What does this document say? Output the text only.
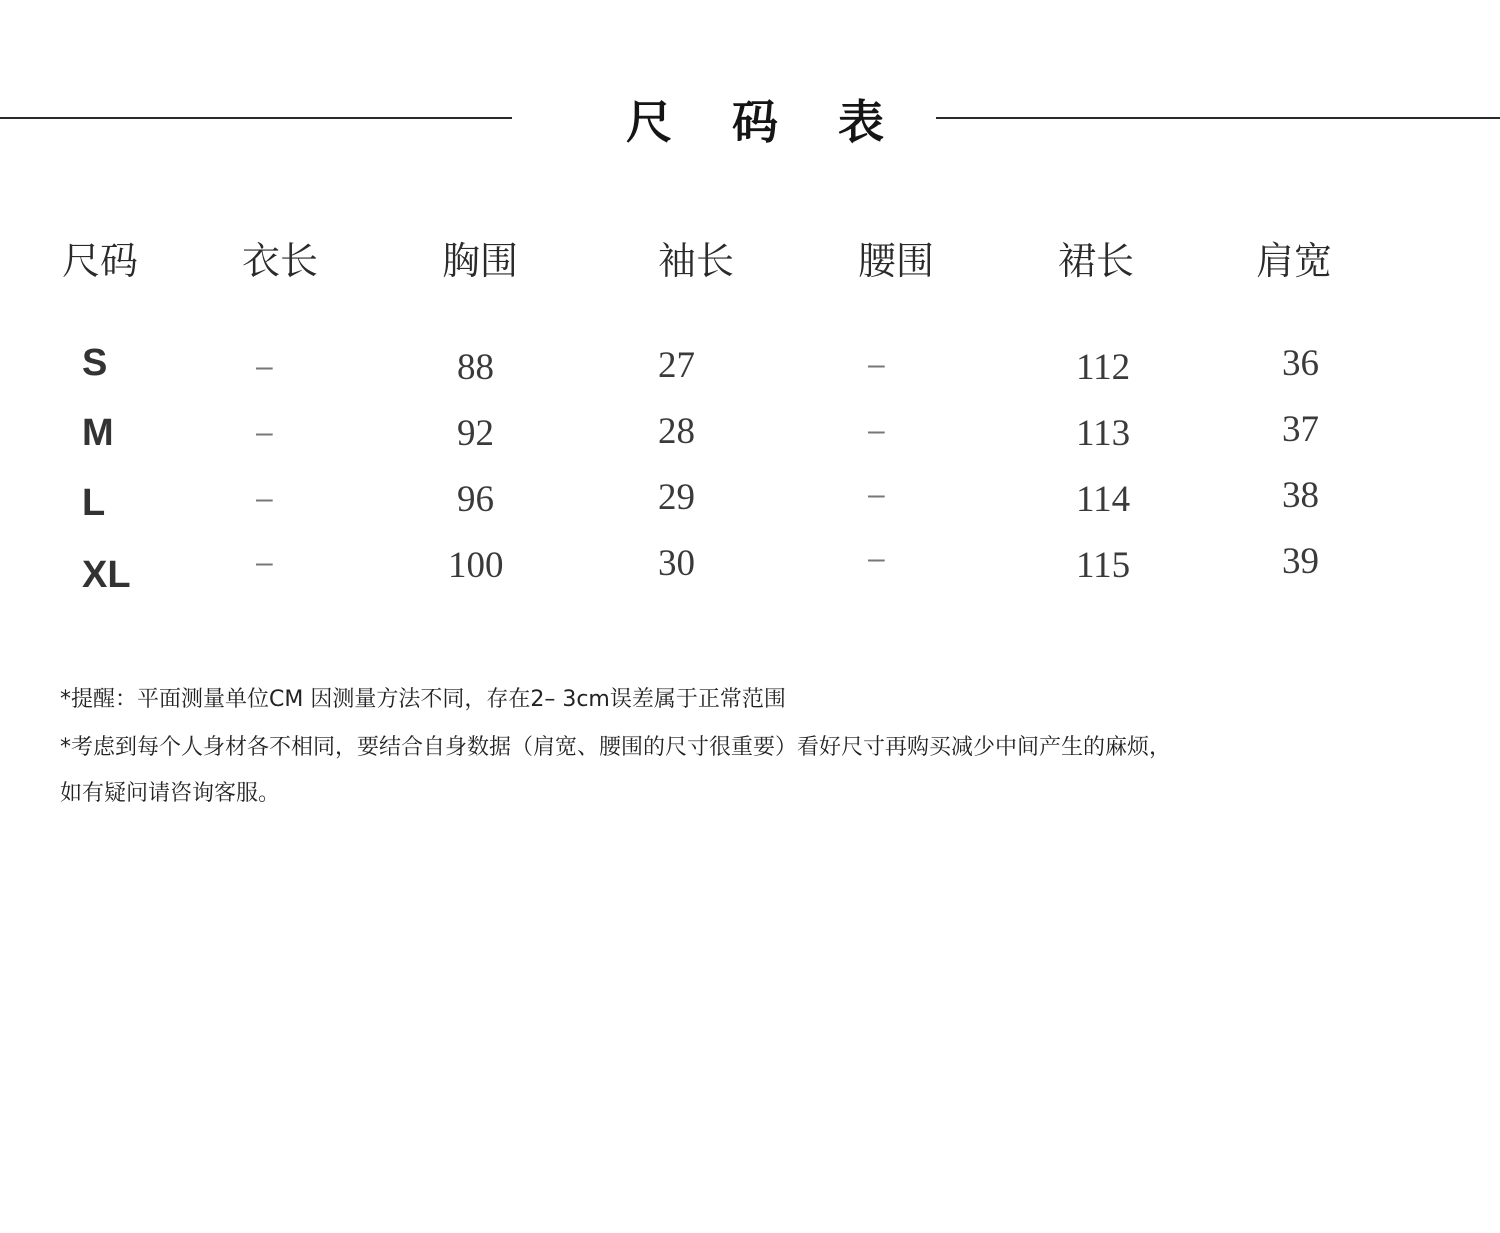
尺 码 表
尺码	衣长	胸围	袖长	腰围	裙长	肩宽
S	–	88	27	–	112	36
M	–	92	28	–	113	37
L	–	96	29	–	114	38
XL	–	100	30	–	115	39
*提醒：平面测量单位CM 因测量方法不同，存在2– 3cm误差属于正常范围
*考虑到每个人身材各不相同，要结合自身数据（肩宽、腰围的尺寸很重要）看好尺寸再购买减少中间产生的麻烦，
如有疑问请咨询客服。
